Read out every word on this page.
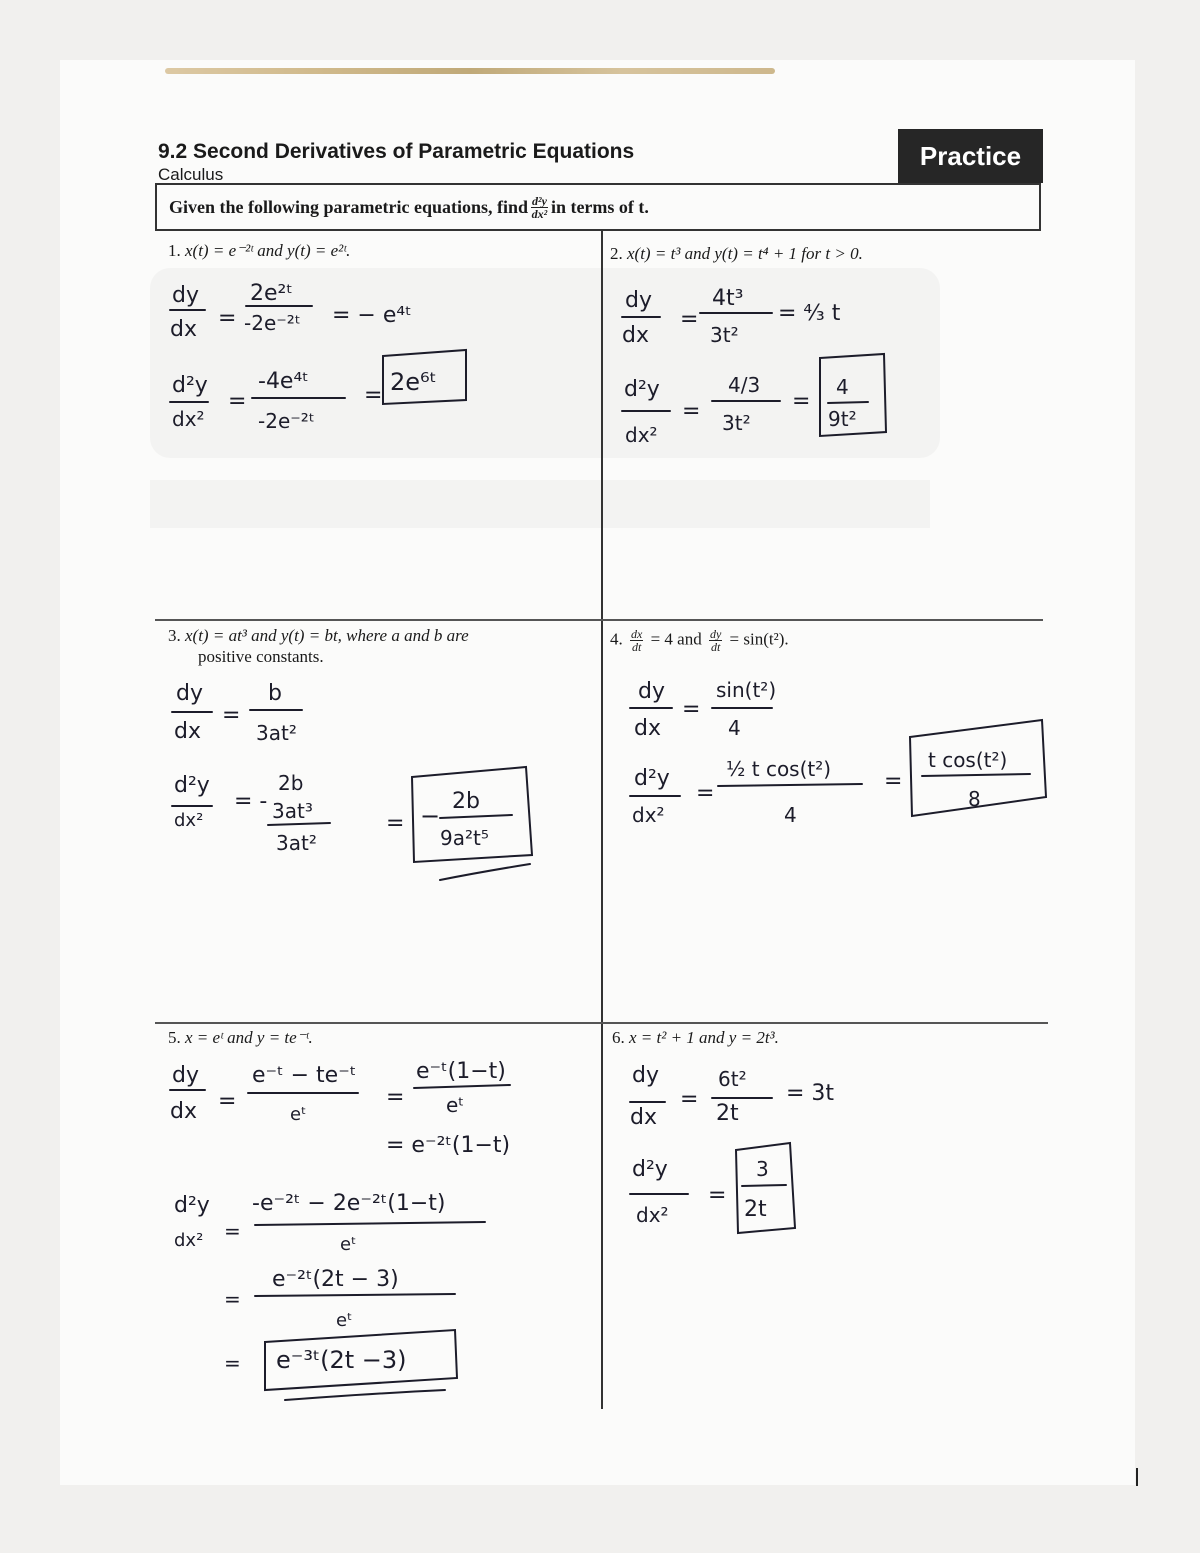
9.2 Second Derivatives of Parametric Equations
Calculus
Practice
Given the following parametric equations, find $\frac{\text{d²y}}{\text{dx²}}$ in terms of t.
1. x(t) = e⁻²ᵗ and y(t) = e²ᵗ.	2. x(t) = t³ and y(t) = t⁴ + 1 for t > 0.
3. x(t) = at³ and y(t) = bt, where a and b are
positive constants.
4. $\frac{dx}{dt} = 4$ and $\frac{dy}{dt} = \sin(t^2)$.
5. x = eᵗ and y = te⁻ᵗ.	6. x = t² + 1 and y = 2t³.
dy
dx =
2e²ᵗ
-2e⁻²ᵗ = − e⁴ᵗ
d²y
dx²
=
-4e⁴ᵗ
-2e⁻²ᵗ
= 2e⁶ᵗ
dy
dx
=
4t³
3t²
= ⁴⁄₃ t
d²y
dx²
=
4/3
3t²
=
4
9t²
dy
dx
=
b
3at²
d²y
dx²
= -
2b
3at³
3at²
= −
2b
9a²t⁵
dy
dx
=
sin(t²)
4
d²y
dx²
=
½ t cos(t²)
4
=
t cos(t²)
8
dy
dx =
e⁻ᵗ − te⁻ᵗ
eᵗ
=
e⁻ᵗ(1−t)
eᵗ
= e⁻²ᵗ(1−t)
d²y
dx² =
-e⁻²ᵗ − 2e⁻²ᵗ(1−t)
eᵗ
=
e⁻²ᵗ(2t − 3)
eᵗ
= e⁻³ᵗ(2t −3)
dy
dx
=
6t²
2t
= 3t
d²y
dx²
=
3
2t
